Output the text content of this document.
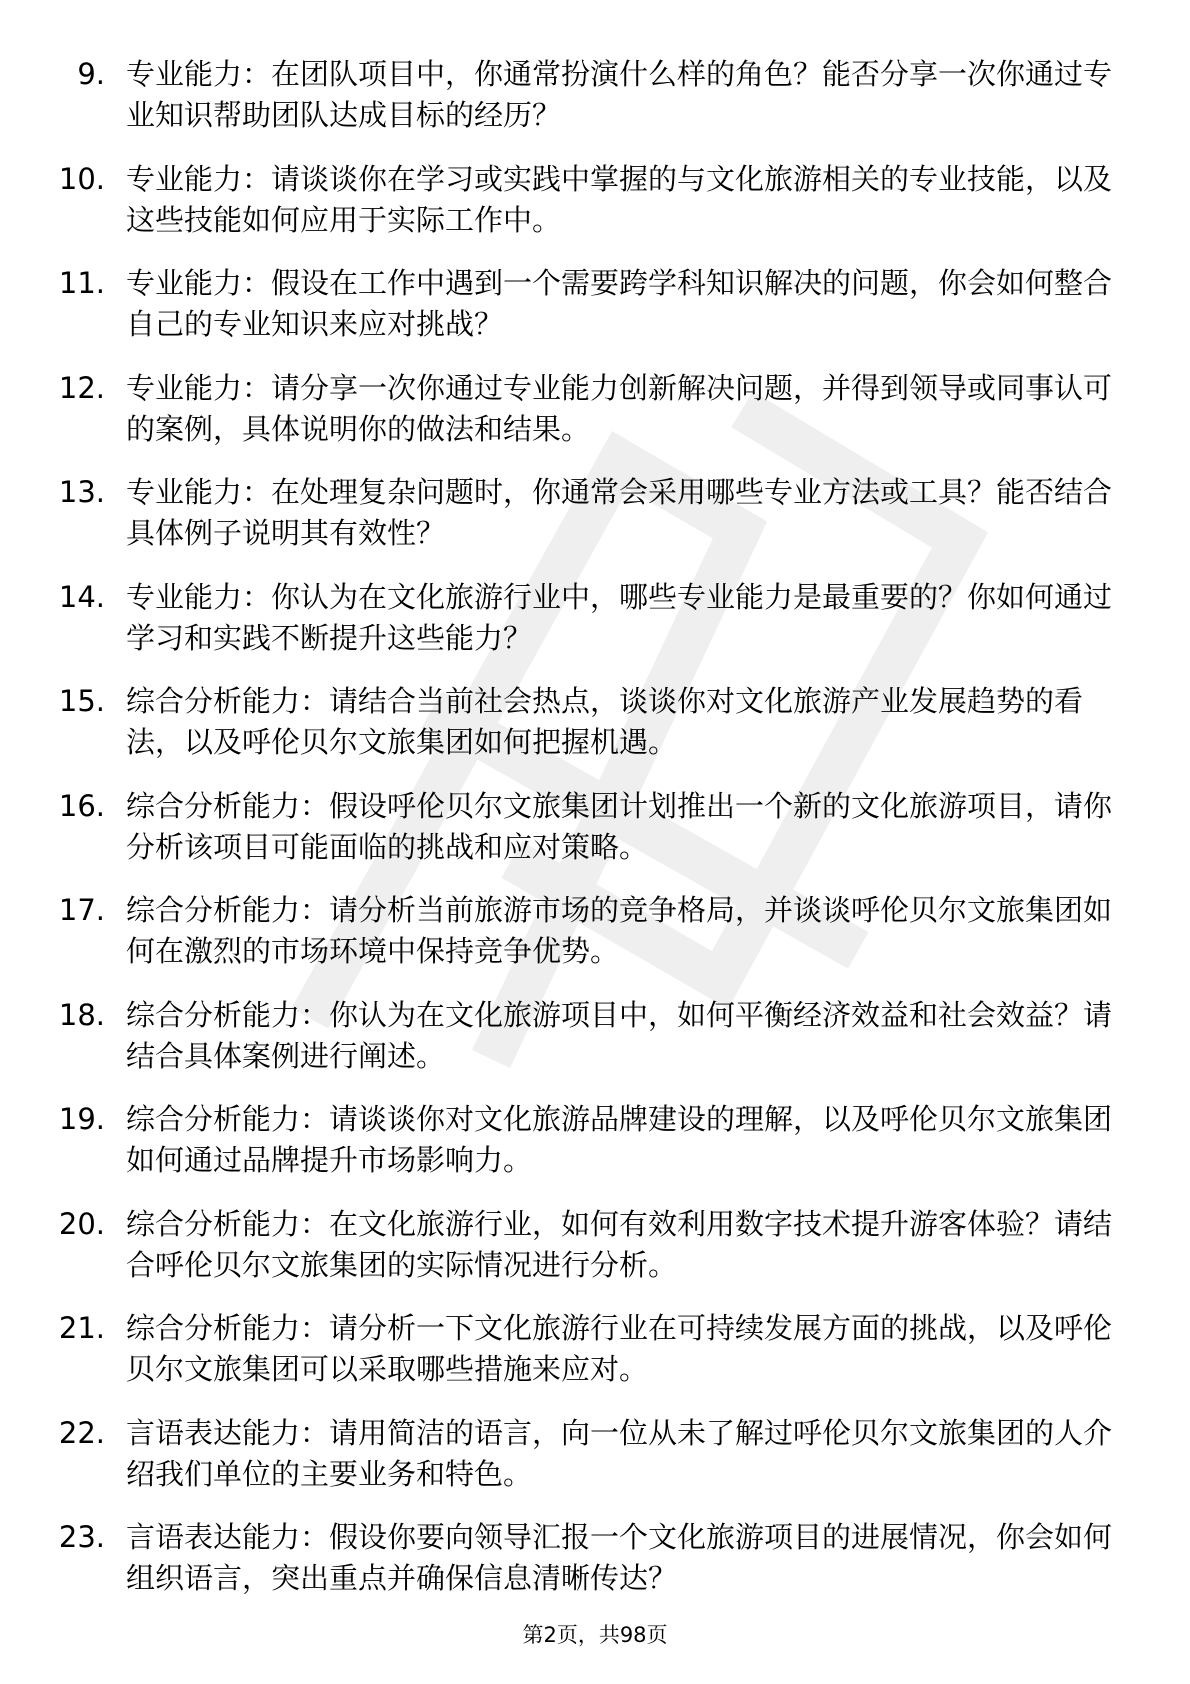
9. 专业能力：在团队项目中，你通常扮演什么样的角色？能否分享一次你通过专业知识帮助团队达成目标的经历？
10. 专业能力：请谈谈你在学习或实践中掌握的与文化旅游相关的专业技能，以及这些技能如何应用于实际工作中。
11. 专业能力：假设在工作中遇到一个需要跨学科知识解决的问题，你会如何整合自己的专业知识来应对挑战？
12. 专业能力：请分享一次你通过专业能力创新解决问题，并得到领导或同事认可的案例，具体说明你的做法和结果。
13. 专业能力：在处理复杂问题时，你通常会采用哪些专业方法或工具？能否结合具体例子说明其有效性？
14. 专业能力：你认为在文化旅游行业中，哪些专业能力是最重要的？你如何通过学习和实践不断提升这些能力？
15. 综合分析能力：请结合当前社会热点，谈谈你对文化旅游产业发展趋势的看法，以及呼伦贝尔文旅集团如何把握机遇。
16. 综合分析能力：假设呼伦贝尔文旅集团计划推出一个新的文化旅游项目，请你分析该项目可能面临的挑战和应对策略。
17. 综合分析能力：请分析当前旅游市场的竞争格局，并谈谈呼伦贝尔文旅集团如何在激烈的市场环境中保持竞争优势。
18. 综合分析能力：你认为在文化旅游项目中，如何平衡经济效益和社会效益？请结合具体案例进行阐述。
19. 综合分析能力：请谈谈你对文化旅游品牌建设的理解，以及呼伦贝尔文旅集团如何通过品牌提升市场影响力。
20. 综合分析能力：在文化旅游行业，如何有效利用数字技术提升游客体验？请结合呼伦贝尔文旅集团的实际情况进行分析。
21. 综合分析能力：请分析一下文化旅游行业在可持续发展方面的挑战，以及呼伦贝尔文旅集团可以采取哪些措施来应对。
22. 言语表达能力：请用简洁的语言，向一位从未了解过呼伦贝尔文旅集团的人介绍我们单位的主要业务和特色。
23. 言语表达能力：假设你要向领导汇报一个文化旅游项目的进展情况，你会如何组织语言，突出重点并确保信息清晰传达？
第2页，共98页
